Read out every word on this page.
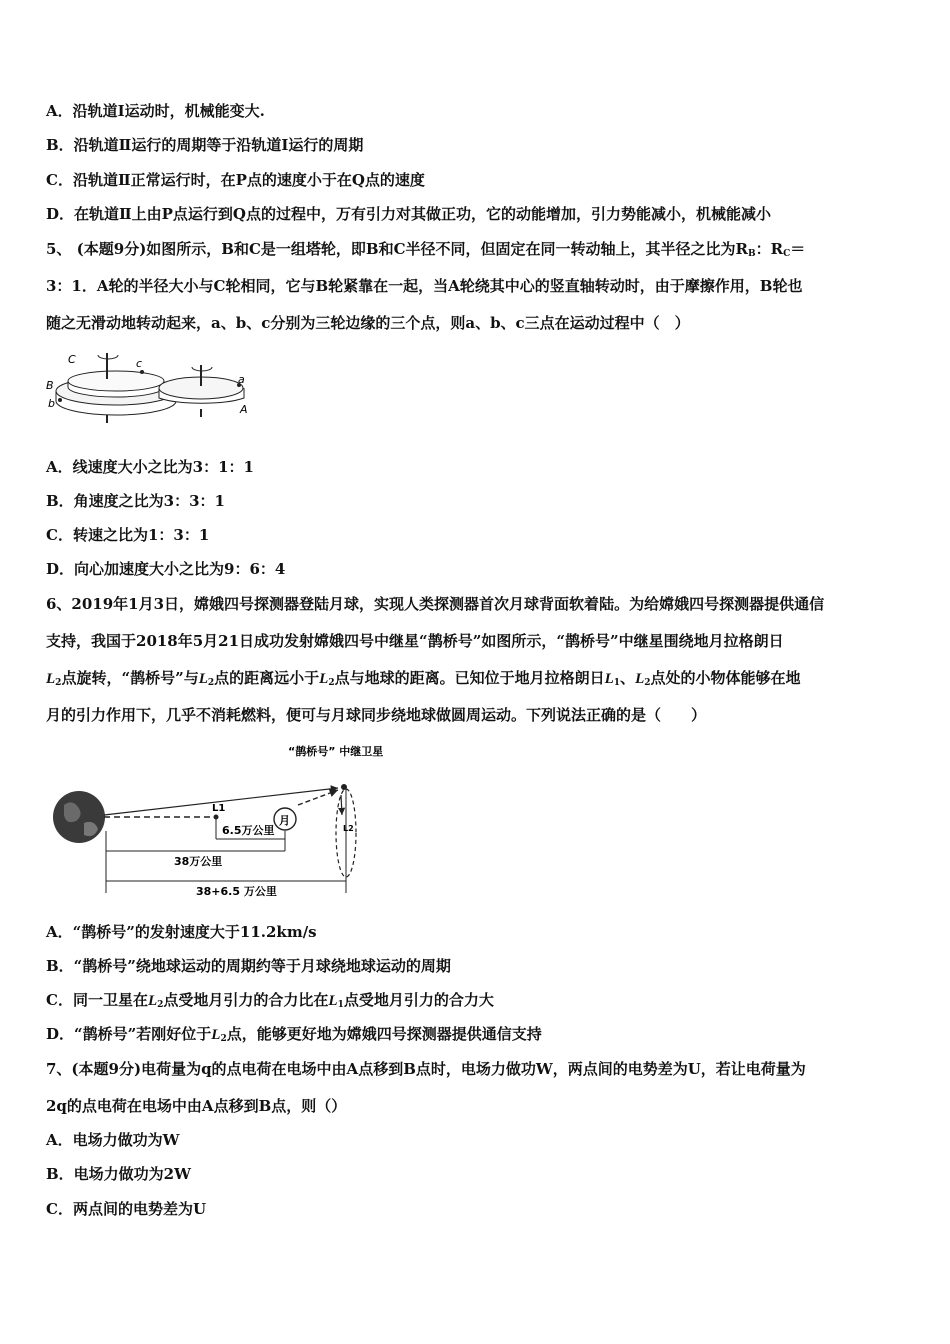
A．沿轨道Ⅰ运动时，机械能变大.
B．沿轨道Ⅱ运行的周期等于沿轨道Ⅰ运行的周期
C．沿轨道Ⅱ正常运行时，在P点的速度小于在Q点的速度
D．在轨道Ⅱ上由P点运行到Q点的过程中，万有引力对其做正功，它的动能增加，引力势能减小，机械能减小
5、 (本题9分)如图所示，B和C是一组塔轮，即B和C半径不同，但固定在同一转动轴上，其半径之比为$R_B$：$R_C=$
3：1．A轮的半径大小与C轮相同，它与B轮紧靠在一起，当A轮绕其中心的竖直轴转动时，由于摩擦作用，B轮也
随之无滑动地转动起来，a、b、c分别为三轮边缘的三个点，则a、b、c三点在运动过程中（　）
C	c
B
b
a
A
A．线速度大小之比为3：1：1
B．角速度之比为3：3：1
C．转速之比为1：3：1
D．向心加速度大小之比为9：6：4
6、2019年1月3日，嫦娥四号探测器登陆月球，实现人类探测器首次月球背面软着陆。为给嫦娥四号探测器提供通信
支持，我国于2018年5月21日成功发射嫦娥四号中继星“鹊桥号”如图所示，“鹊桥号”中继星围绕地月拉格朗日
$L_2$点旋转，“鹊桥号”与$L_2$点的距离远小于$L_2$点与地球的距离。已知位于地月拉格朗日$L_1$、$L_2$点处的小物体能够在地
月的引力作用下，几乎不消耗燃料，便可与月球同步绕地球做圆周运动。下列说法正确的是（　　）
“鹊桥号” 中继卫星
L1
月
L2
6.5万公里
38万公里
38+6.5 万公里
A．“鹊桥号”的发射速度大于11.2km/s
B．“鹊桥号”绕地球运动的周期约等于月球绕地球运动的周期
C．同一卫星在$L_2$点受地月引力的合力比在$L_1$点受地月引力的合力大
D．“鹊桥号”若刚好位于$L_2$点，能够更好地为嫦娥四号探测器提供通信支持
7、(本题9分)电荷量为q的点电荷在电场中由A点移到B点时，电场力做功W，两点间的电势差为U，若让电荷量为
2q的点电荷在电场中由A点移到B点，则（）
A．电场力做功为W
B．电场力做功为2W
C．两点间的电势差为U
